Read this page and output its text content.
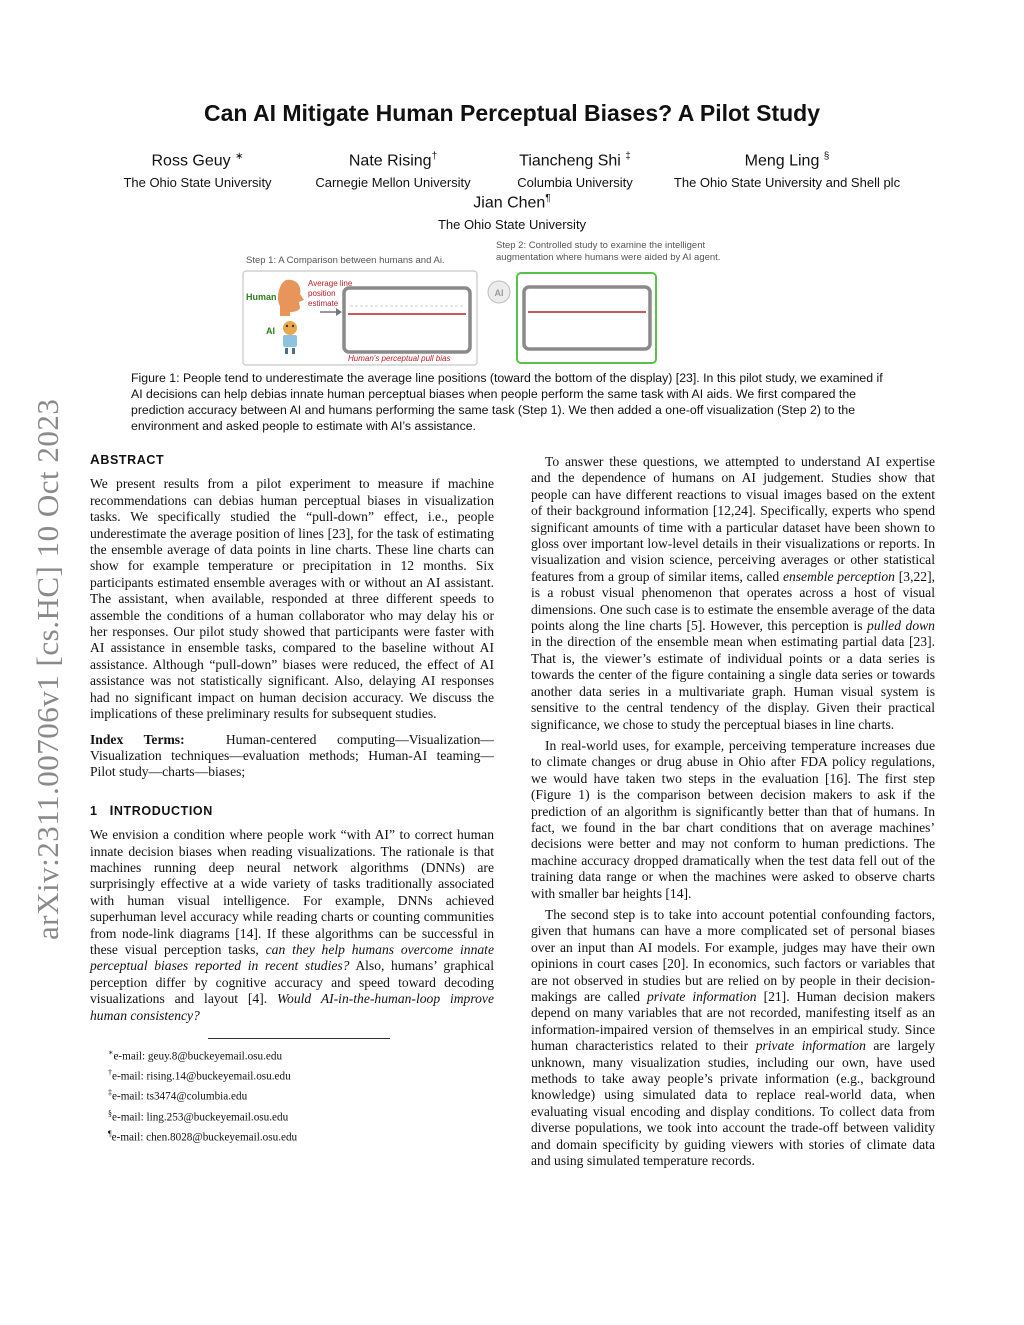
arXiv:2311.00706v1 [cs.HC] 10 Oct 2023
Can AI Mitigate Human Perceptual Biases? A Pilot Study
Ross Geuy ∗
The Ohio State University
Nate Rising†
Carnegie Mellon University
Tiancheng Shi ‡
Columbia University
Meng Ling §
The Ohio State University and Shell plc
Jian Chen¶
The Ohio State University
Step 1: A Comparison between humans and Ai.
Human
AI
Average line
position
estimate
Human's perceptual pull bias
Step 2: Controlled study to examine the intelligent
augmentation where humans were aided by AI agent.
AI
Figure 1: People tend to underestimate the average line positions (toward the bottom of the display) [23]. In this pilot study, we examined if AI decisions can help debias innate human perceptual biases when people perform the same task with AI aids. We first compared the prediction accuracy between AI and humans performing the same task (Step 1). We then added a one-off visualization (Step 2) to the environment and asked people to estimate with AI’s assistance.
ABSTRACT

We present results from a pilot experiment to measure if machine recommendations can debias human perceptual biases in visualization tasks. We specifically studied the “pull-down” effect, i.e., people underestimate the average position of lines [23], for the task of estimating the ensemble average of data points in line charts. These line charts can show for example temperature or precipitation in 12 months. Six participants estimated ensemble averages with or without an AI assistant. The assistant, when available, responded at three different speeds to assemble the conditions of a human collaborator who may delay his or her responses. Our pilot study showed that participants were faster with AI assistance in ensemble tasks, compared to the baseline without AI assistance. Although “pull-down” biases were reduced, the effect of AI assistance was not statistically significant. Also, delaying AI responses had no significant impact on human decision accuracy. We discuss the implications of these preliminary results for subsequent studies.

Index Terms:	Human-centered computing—Visualization—Visualization techniques—evaluation methods; Human-AI teaming—Pilot study—charts—biases;

1 INTRODUCTION

We envision a condition where people work “with AI” to correct human innate decision biases when reading visualizations. The rationale is that machines running deep neural network algorithms (DNNs) are surprisingly effective at a wide variety of tasks traditionally associated with human visual intelligence. For example, DNNs achieved superhuman level accuracy while reading charts or counting communities from node-link diagrams [14]. If these algorithms can be successful in these visual perception tasks, can they help humans overcome innate perceptual biases reported in recent studies? Also, humans’ graphical perception differ by cognitive accuracy and speed toward decoding visualizations and layout [4]. Would AI-in-the-human-loop improve human consistency?

∗e-mail: geuy.8@buckeyemail.osu.edu
†e-mail: rising.14@buckeyemail.osu.edu
‡e-mail: ts3474@columbia.edu
§e-mail: ling.253@buckeyemail.osu.edu
¶e-mail: chen.8028@buckeyemail.osu.edu

To answer these questions, we attempted to understand AI expertise and the dependence of humans on AI judgement. Studies show that people can have different reactions to visual images based on the extent of their background information [12,24]. Specifically, experts who spend significant amounts of time with a particular dataset have been shown to gloss over important low-level details in their visualizations or reports. In visualization and vision science, perceiving averages or other statistical features from a group of similar items, called ensemble perception [3,22], is a robust visual phenomenon that operates across a host of visual dimensions. One such case is to estimate the ensemble average of the data points along the line charts [5]. However, this perception is pulled down in the direction of the ensemble mean when estimating partial data [23]. That is, the viewer’s estimate of individual points or a data series is towards the center of the figure containing a single data series or towards another data series in a multivariate graph. Human visual system is sensitive to the central tendency of the display. Given their practical significance, we chose to study the perceptual biases in line charts.

In real-world uses, for example, perceiving temperature increases due to climate changes or drug abuse in Ohio after FDA policy regulations, we would have taken two steps in the evaluation [16]. The first step (Figure 1) is the comparison between decision makers to ask if the prediction of an algorithm is significantly better than that of humans. In fact, we found in the bar chart conditions that on average machines’ decisions were better and may not conform to human predictions. The machine accuracy dropped dramatically when the test data fell out of the training data range or when the machines were asked to observe charts with smaller bar heights [14].

The second step is to take into account potential confounding factors, given that humans can have a more complicated set of personal biases over an input than AI models. For example, judges may have their own opinions in court cases [20]. In economics, such factors or variables that are not observed in studies but are relied on by people in their decision-makings are called private information [21]. Human decision makers depend on many variables that are not recorded, manifesting itself as an information-impaired version of themselves in an empirical study. Since human characteristics related to their private information are largely unknown, many visualization studies, including our own, have used methods to take away people’s private information (e.g., background knowledge) using simulated data to replace real-world data, when evaluating visual encoding and display conditions. To collect data from diverse populations, we took into account the trade-off between validity and domain specificity by guiding viewers with stories of climate data and using simulated temperature records.
